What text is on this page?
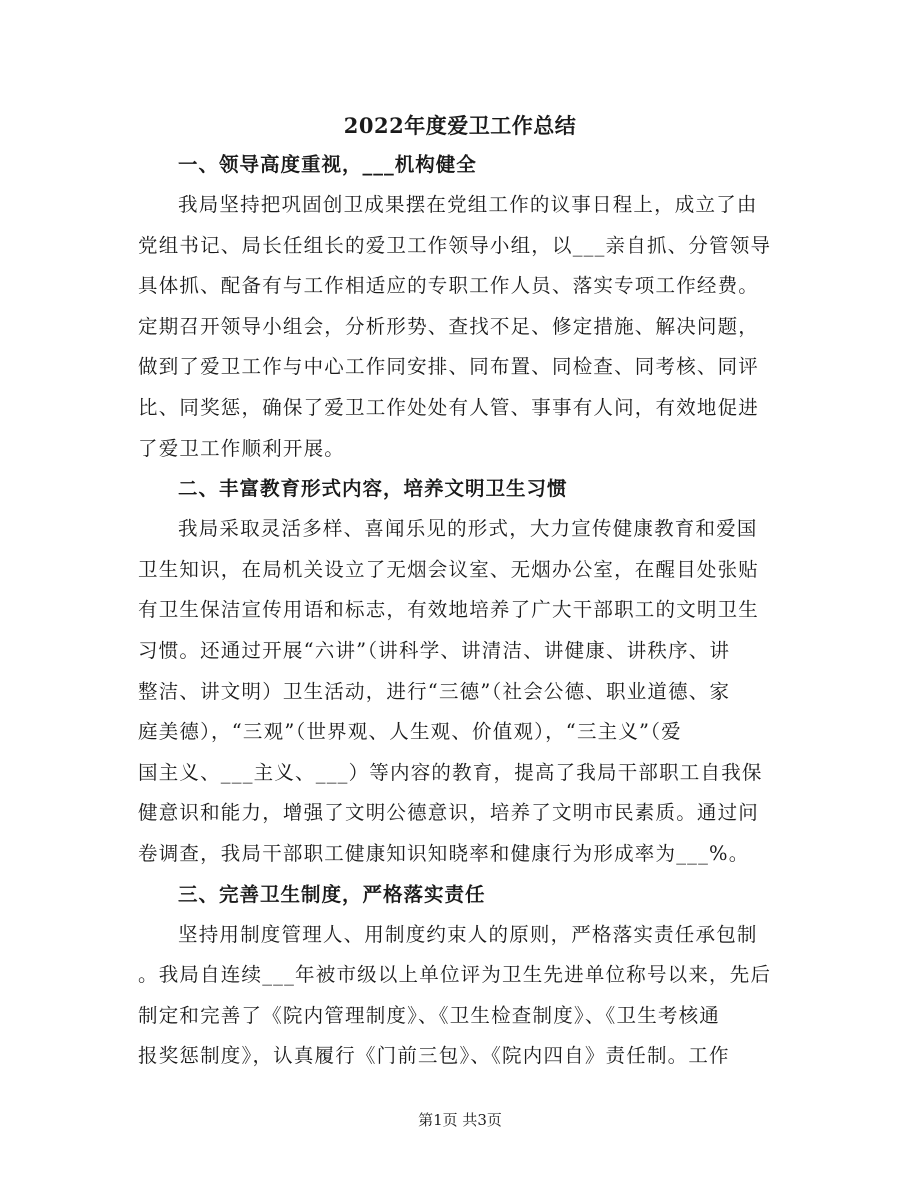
2022年度爱卫工作总结
一、领导高度重视，___机构健全
我局坚持把巩固创卫成果摆在党组工作的议事日程上，成立了由
党组书记、局长任组长的爱卫工作领导小组，以___亲自抓、分管领导
具体抓、配备有与工作相适应的专职工作人员、落实专项工作经费。
定期召开领导小组会，分析形势、查找不足、修定措施、解决问题，
做到了爱卫工作与中心工作同安排、同布置、同检查、同考核、同评
比、同奖惩，确保了爱卫工作处处有人管、事事有人问，有效地促进
了爱卫工作顺利开展。
二、丰富教育形式内容，培养文明卫生习惯
我局采取灵活多样、喜闻乐见的形式，大力宣传健康教育和爱国
卫生知识，在局机关设立了无烟会议室、无烟办公室，在醒目处张贴
有卫生保洁宣传用语和标志，有效地培养了广大干部职工的文明卫生
习惯。还通过开展“六讲”（讲科学、讲清洁、讲健康、讲秩序、讲
整洁、讲文明）卫生活动，进行“三德”（社会公德、职业道德、家
庭美德），“三观”（世界观、人生观、价值观），“三主义”（爱
国主义、___主义、___）等内容的教育，提高了我局干部职工自我保
健意识和能力，增强了文明公德意识，培养了文明市民素质。通过问
卷调查，我局干部职工健康知识知晓率和健康行为形成率为___%。
三、完善卫生制度，严格落实责任
坚持用制度管理人、用制度约束人的原则，严格落实责任承包制
。我局自连续___年被市级以上单位评为卫生先进单位称号以来，先后
制定和完善了《院内管理制度》、《卫生检查制度》、《卫生考核通
报奖惩制度》，认真履行《门前三包》、《院内四自》责任制。工作
第1页 共3页
